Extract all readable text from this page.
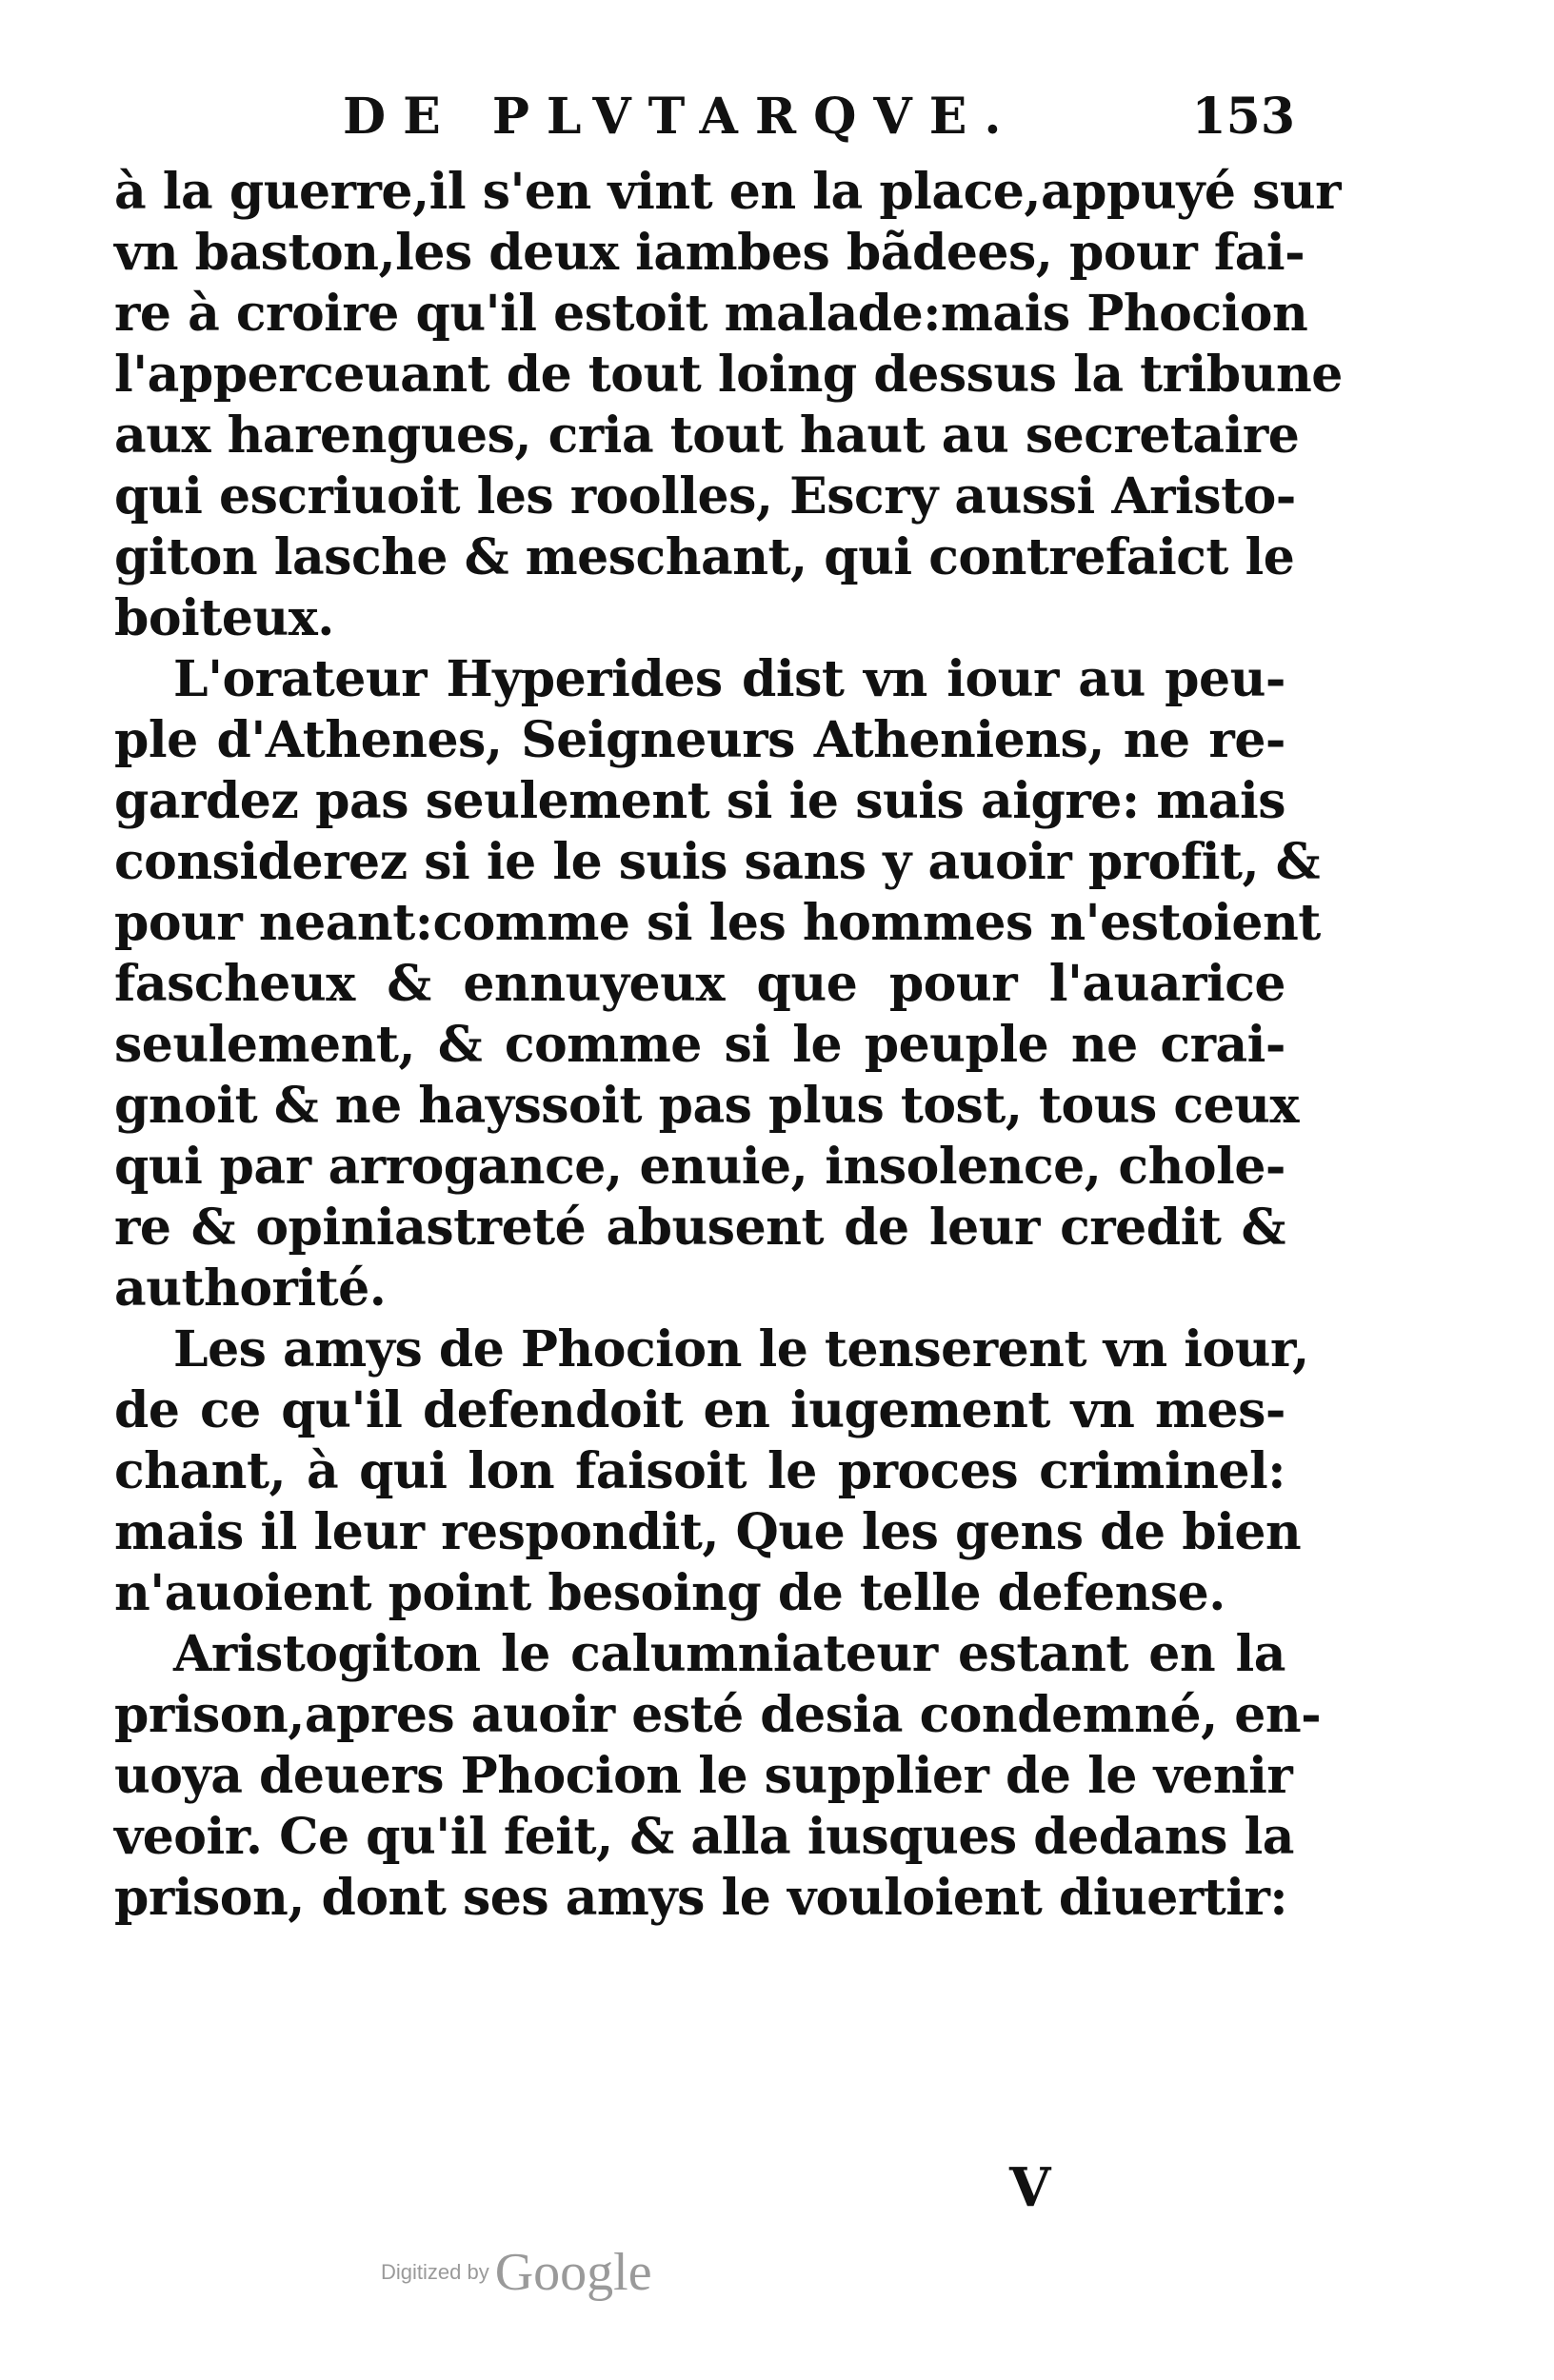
DE PLVTARQVE.	153
à la guerre,il s'en vint en la place,appuyé sur
vn baston,les deux iambes bãdees, pour fai-
re à croire qu'il estoit malade:mais Phocion
l'apperceuant de tout loing dessus la tribune
aux harengues, cria tout haut au secretaire
qui escriuoit les roolles, Escry aussi Aristo-
giton lasche & meschant, qui contrefaict le
boiteux.
L'orateur Hyperides dist vn iour au peu-
ple d'Athenes, Seigneurs Atheniens, ne re-
gardez pas seulement si ie suis aigre: mais
considerez si ie le suis sans y auoir profit, &
pour neant:comme si les hommes n'estoient
fascheux & ennuyeux que pour l'auarice
seulement, & comme si le peuple ne crai-
gnoit & ne hayssoit pas plus tost, tous ceux
qui par arrogance, enuie, insolence, chole-
re & opiniastreté abusent de leur credit &
authorité.
Les amys de Phocion le tenserent vn iour,
de ce qu'il defendoit en iugement vn mes-
chant, à qui lon faisoit le proces criminel:
mais il leur respondit, Que les gens de bien
n'auoient point besoing de telle defense.
Aristogiton le calumniateur estant en la
prison,apres auoir esté desia condemné, en-
uoya deuers Phocion le supplier de le venir
veoir. Ce qu'il feit, & alla iusques dedans la
prison, dont ses amys le vouloient diuertir:
V
Digitized by Google
